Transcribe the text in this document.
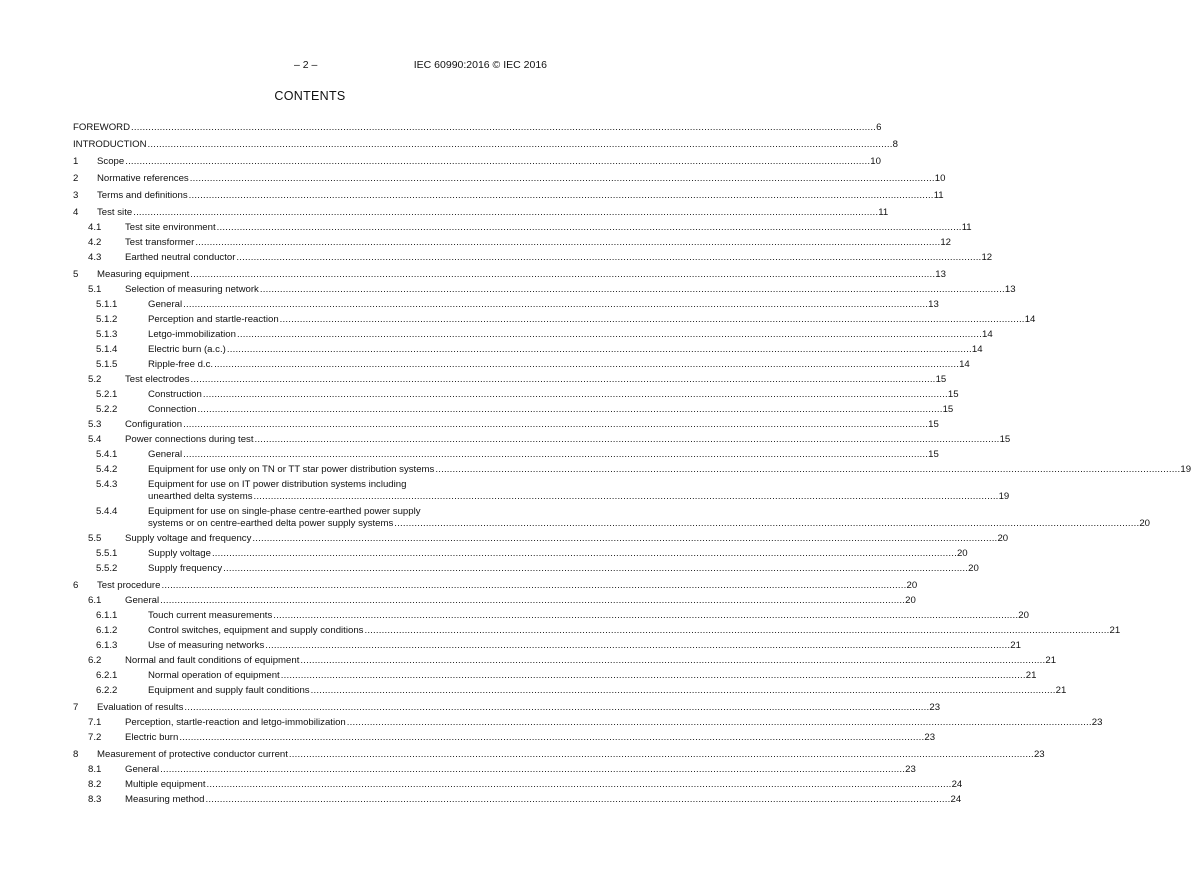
– 2 –	IEC 60990:2016 © IEC 2016
CONTENTS
FOREWORD .................................................................................................................................................................................................................................................................... 6
INTRODUCTION .................................................................................................................................................................................................................................................................... 8
1 Scope .................................................................................................................................................................................................................................................................... 10
2 Normative references .................................................................................................................................................................................................................................................................... 10
3 Terms and definitions .................................................................................................................................................................................................................................................................... 11
4 Test site .................................................................................................................................................................................................................................................................... 11
4.1 Test site environment .................................................................................................................................................................................................................................................................... 11
4.2 Test transformer .................................................................................................................................................................................................................................................................... 12
4.3 Earthed neutral conductor .................................................................................................................................................................................................................................................................... 12
5 Measuring equipment .................................................................................................................................................................................................................................................................... 13
5.1 Selection of measuring network .................................................................................................................................................................................................................................................................... 13
5.1.1	General .................................................................................................................................................................................................................................................................... 13
5.1.2	Perception and startle-reaction .................................................................................................................................................................................................................................................................... 14
5.1.3	Letgo-immobilization .................................................................................................................................................................................................................................................................... 14
5.1.4	Electric burn (a.c.) .................................................................................................................................................................................................................................................................... 14
5.1.5	Ripple-free d.c. .................................................................................................................................................................................................................................................................... 14
5.2 Test electrodes .................................................................................................................................................................................................................................................................... 15
5.2.1	Construction .................................................................................................................................................................................................................................................................... 15
5.2.2	Connection .................................................................................................................................................................................................................................................................... 15
5.3 Configuration .................................................................................................................................................................................................................................................................... 15
5.4 Power connections during test .................................................................................................................................................................................................................................................................... 15
5.4.1	General .................................................................................................................................................................................................................................................................... 15
5.4.2	Equipment for use only on TN or TT star power distribution systems .................................................................................................................................................................................................................................................................... 19
5.4.3	Equipment for use on IT power distribution systems including
unearthed delta systems .................................................................................................................................................................................................................................................................... 19
5.4.4	Equipment for use on single-phase centre-earthed power supply
systems or on centre-earthed delta power supply systems .................................................................................................................................................................................................................................................................... 20
5.5 Supply voltage and frequency .................................................................................................................................................................................................................................................................... 20
5.5.1	Supply voltage .................................................................................................................................................................................................................................................................... 20
5.5.2	Supply frequency .................................................................................................................................................................................................................................................................... 20
6 Test procedure .................................................................................................................................................................................................................................................................... 20
6.1 General .................................................................................................................................................................................................................................................................... 20
6.1.1	Touch current measurements .................................................................................................................................................................................................................................................................... 20
6.1.2	Control switches, equipment and supply conditions .................................................................................................................................................................................................................................................................... 21
6.1.3	Use of measuring networks .................................................................................................................................................................................................................................................................... 21
6.2 Normal and fault conditions of equipment .................................................................................................................................................................................................................................................................... 21
6.2.1	Normal operation of equipment .................................................................................................................................................................................................................................................................... 21
6.2.2	Equipment and supply fault conditions .................................................................................................................................................................................................................................................................... 21
7 Evaluation of results .................................................................................................................................................................................................................................................................... 23
7.1 Perception, startle-reaction and letgo-immobilization .................................................................................................................................................................................................................................................................... 23
7.2 Electric burn .................................................................................................................................................................................................................................................................... 23
8 Measurement of protective conductor current .................................................................................................................................................................................................................................................................... 23
8.1 General .................................................................................................................................................................................................................................................................... 23
8.2 Multiple equipment .................................................................................................................................................................................................................................................................... 24
8.3 Measuring method .................................................................................................................................................................................................................................................................... 24
